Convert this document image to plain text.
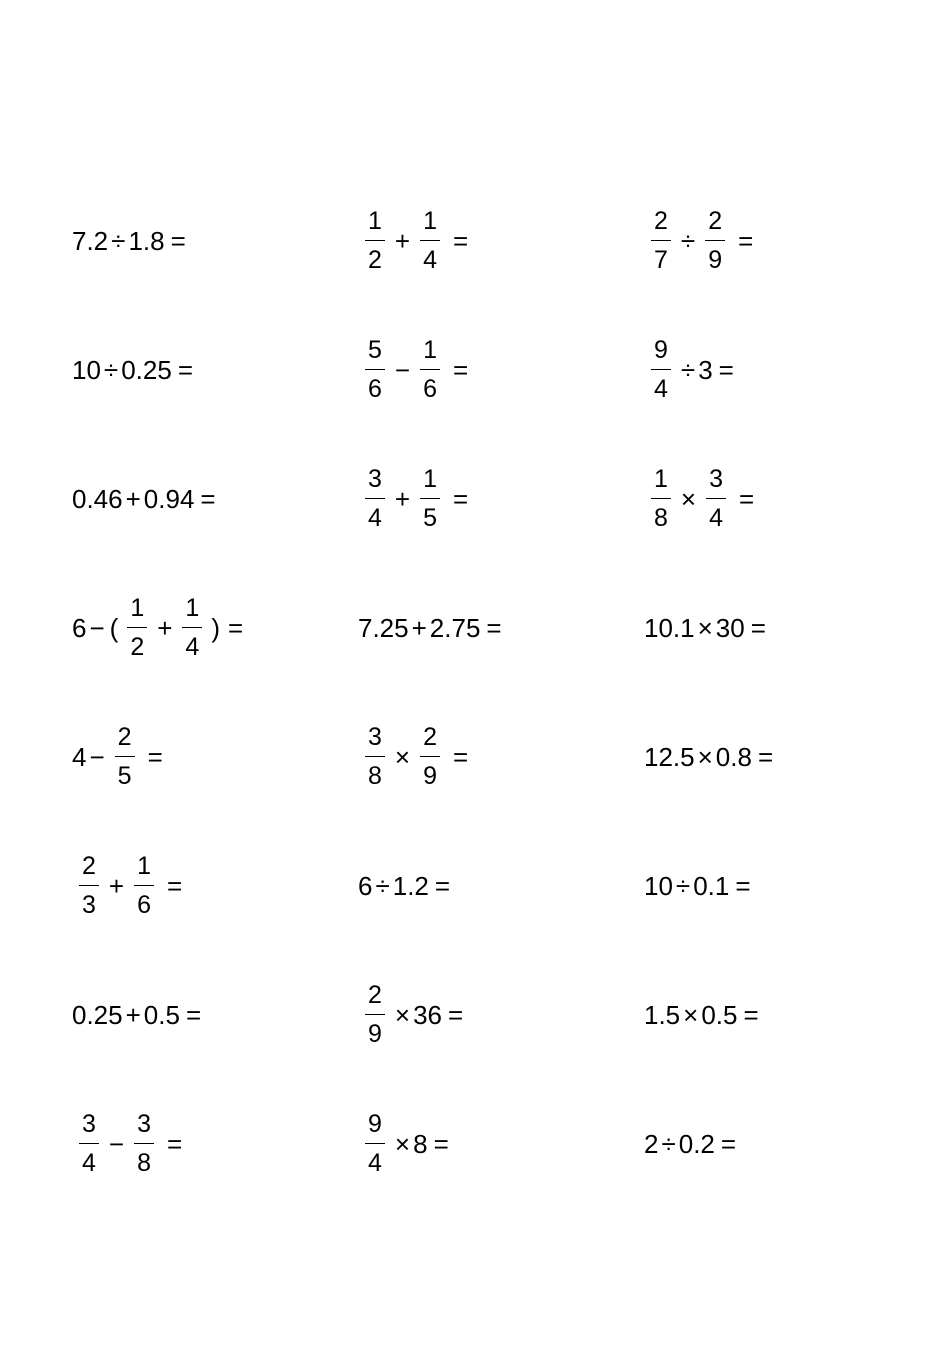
7.2 ÷ 1.8 =	$\frac{1}{2} + \frac{1}{4}$ =	$\frac{2}{7} \div \frac{2}{9}$ =
10 ÷ 0.25 =	$\frac{5}{6} - \frac{1}{6}$ =	$\frac{9}{4} \div 3$ =
0.46 + 0.94 =	$\frac{3}{4} + \frac{1}{5}$ =	$\frac{1}{8} \times \frac{3}{4}$ =
6 − ( $\frac{1}{2} + \frac{1}{4}$ ) =	7.25 + 2.75 =	10.1 × 30 =
$4 - \frac{2}{5}$ =	$\frac{3}{8} \times \frac{2}{9}$ =	12.5 × 0.8 =
$\frac{2}{3} + \frac{1}{6}$ =	6 ÷ 1.2 =	10 ÷ 0.1 =
0.25 + 0.5 =	$\frac{2}{9} \times 36$ =	1.5 × 0.5 =
$\frac{3}{4} - \frac{3}{8}$ =	$\frac{9}{4} \times 8$ =	2 ÷ 0.2 =
